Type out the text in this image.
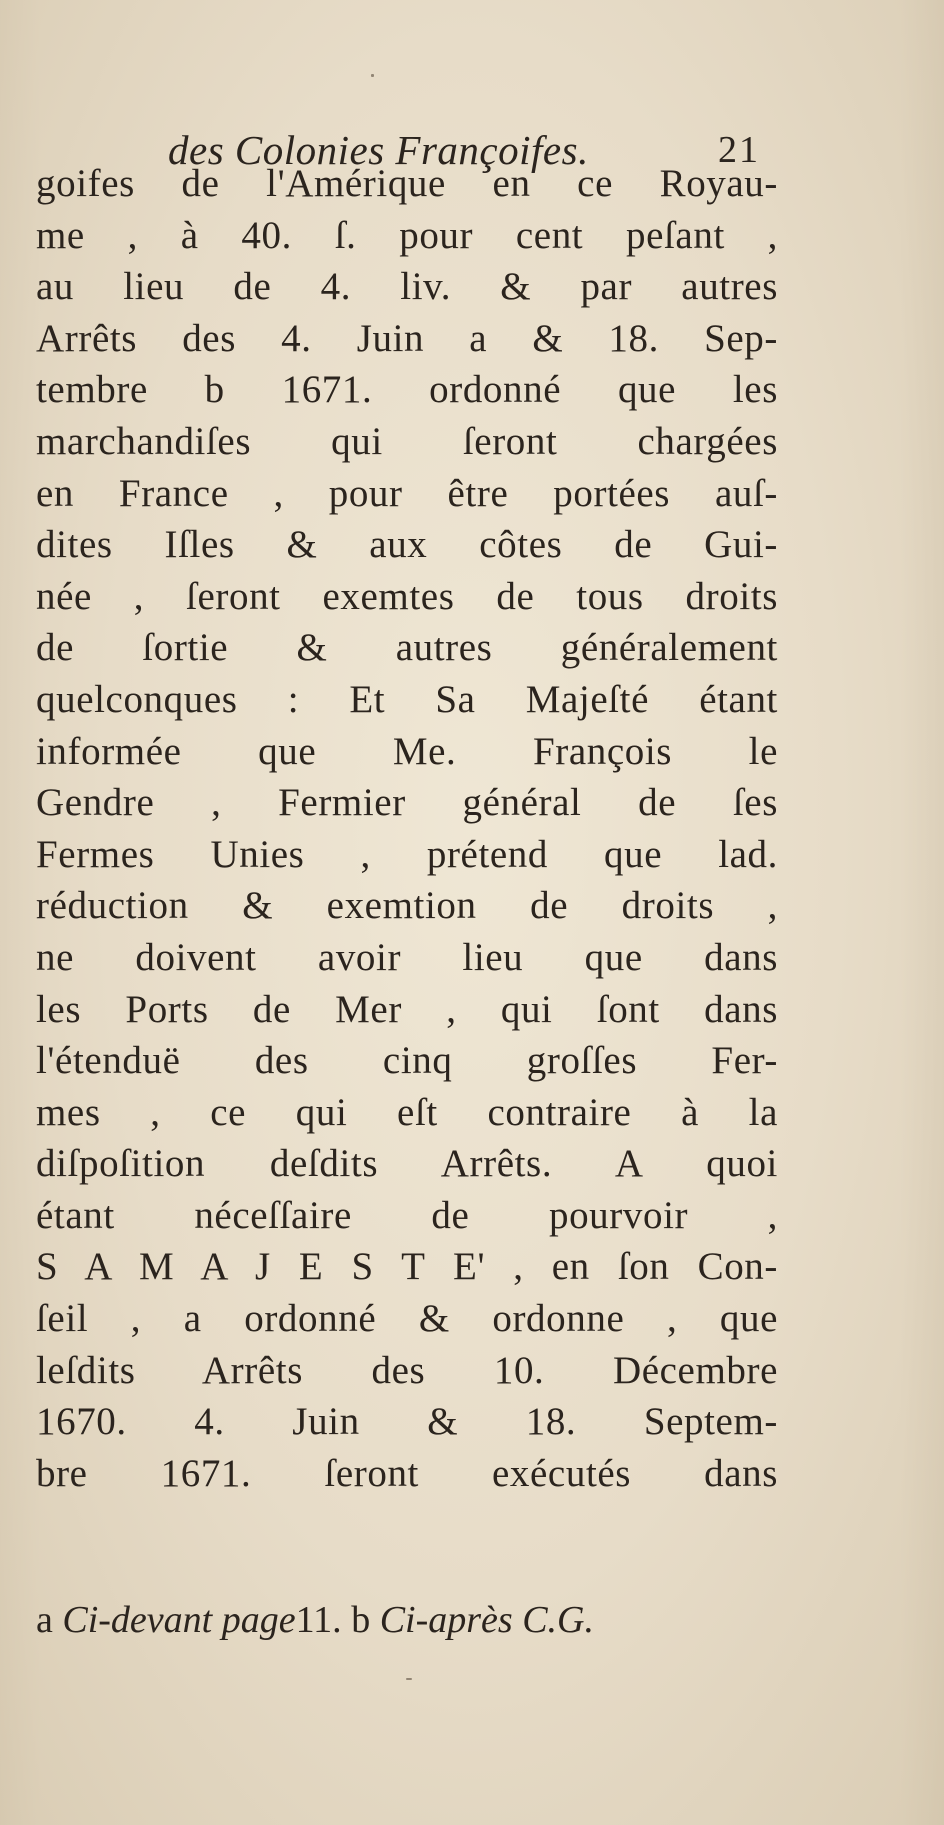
des Colonies Françoifes.	21
goifes de l'Amérique en ce Royau-
me , à 40. ſ. pour cent peſant ,
au lieu de 4. liv. & par autres
Arrêts des 4. Juin a & 18. Sep-
tembre b 1671. ordonné que les
marchandiſes qui ſeront chargées
en France , pour être portées auſ-
dites Iſles & aux côtes de Gui-
née , ſeront exemtes de tous droits
de ſortie & autres généralement
quelconques : Et Sa Majeſté étant
informée que Me. François le
Gendre , Fermier général de ſes
Fermes Unies , prétend que lad.
réduction & exemtion de droits ,
ne doivent avoir lieu que dans
les Ports de Mer , qui ſont dans
l'étenduë des cinq groſſes Fer-
mes , ce qui eſt contraire à la
diſpoſition deſdits Arrêts. A quoi
étant néceſſaire de pourvoir ,
S A M A J E S T E' , en ſon Con-
ſeil , a ordonné & ordonne , que
leſdits Arrêts des 10. Décembre
1670. 4. Juin & 18. Septem-
bre 1671. ſeront exécutés dans
a Ci-devant page11. b Ci-après C.G.
